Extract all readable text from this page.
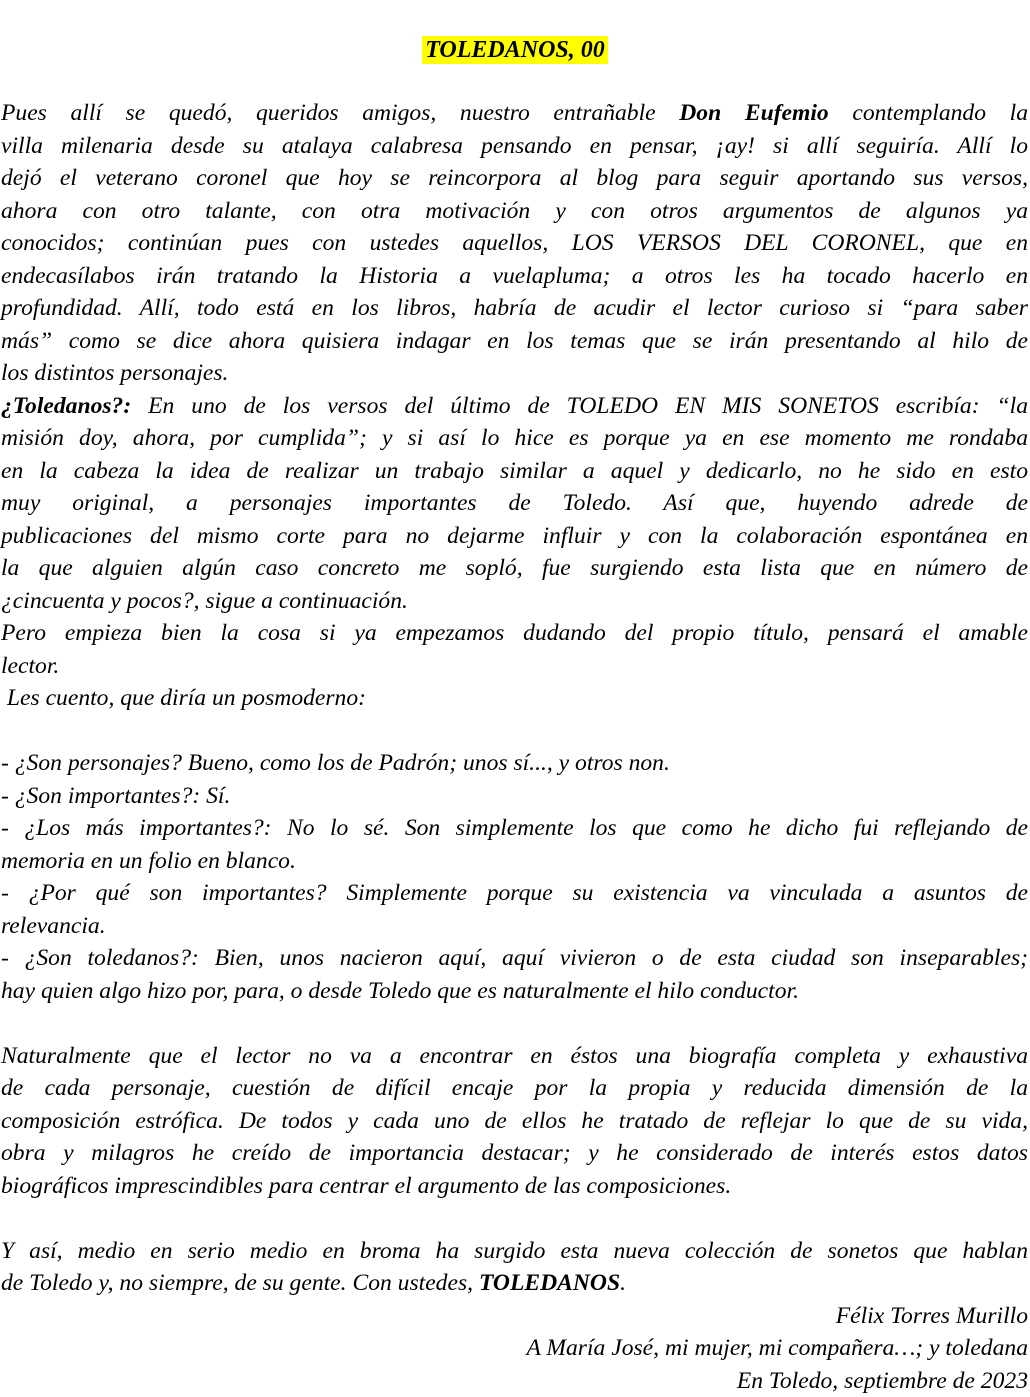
TOLEDANOS, 00
Pues allí se quedó, queridos amigos, nuestro entrañable Don Eufemio contemplando la
villa milenaria desde su atalaya calabresa pensando en pensar, ¡ay! si allí seguiría. Allí lo
dejó el veterano coronel que hoy se reincorpora al blog para seguir aportando sus versos,
ahora con otro talante, con otra motivación y con otros argumentos de algunos ya
conocidos; continúan pues con ustedes aquellos, LOS VERSOS DEL CORONEL, que en
endecasílabos irán tratando la Historia a vuelapluma; a otros les ha tocado hacerlo en
profundidad. Allí, todo está en los libros, habría de acudir el lector curioso si “para saber
más” como se dice ahora quisiera indagar en los temas que se irán presentando al hilo de
los distintos personajes.
¿Toledanos?: En uno de los versos del último de TOLEDO EN MIS SONETOS escribía: “la
misión doy, ahora, por cumplida”; y si así lo hice es porque ya en ese momento me rondaba
en la cabeza la idea de realizar un trabajo similar a aquel y dedicarlo, no he sido en esto
muy original, a personajes importantes de Toledo. Así que, huyendo adrede de
publicaciones del mismo corte para no dejarme influir y con la colaboración espontánea en
la que alguien algún caso concreto me sopló, fue surgiendo esta lista que en número de
¿cincuenta y pocos?, sigue a continuación.
Pero empieza bien la cosa si ya empezamos dudando del propio título, pensará el amable
lector.
Les cuento, que diría un posmoderno:
- ¿Son personajes? Bueno, como los de Padrón; unos sí..., y otros non.
- ¿Son importantes?: Sí.
- ¿Los más importantes?: No lo sé. Son simplemente los que como he dicho fui reflejando de
memoria en un folio en blanco.
- ¿Por qué son importantes? Simplemente porque su existencia va vinculada a asuntos de
relevancia.
- ¿Son toledanos?: Bien, unos nacieron aquí, aquí vivieron o de esta ciudad son inseparables;
hay quien algo hizo por, para, o desde Toledo que es naturalmente el hilo conductor.
Naturalmente que el lector no va a encontrar en éstos una biografía completa y exhaustiva
de cada personaje, cuestión de difícil encaje por la propia y reducida dimensión de la
composición estrófica. De todos y cada uno de ellos he tratado de reflejar lo que de su vida,
obra y milagros he creído de importancia destacar; y he considerado de interés estos datos
biográficos imprescindibles para centrar el argumento de las composiciones.
Y así, medio en serio medio en broma ha surgido esta nueva colección de sonetos que hablan
de Toledo y, no siempre, de su gente. Con ustedes, TOLEDANOS.
Félix Torres Murillo
A María José, mi mujer, mi compañera…; y toledana
En Toledo, septiembre de 2023
